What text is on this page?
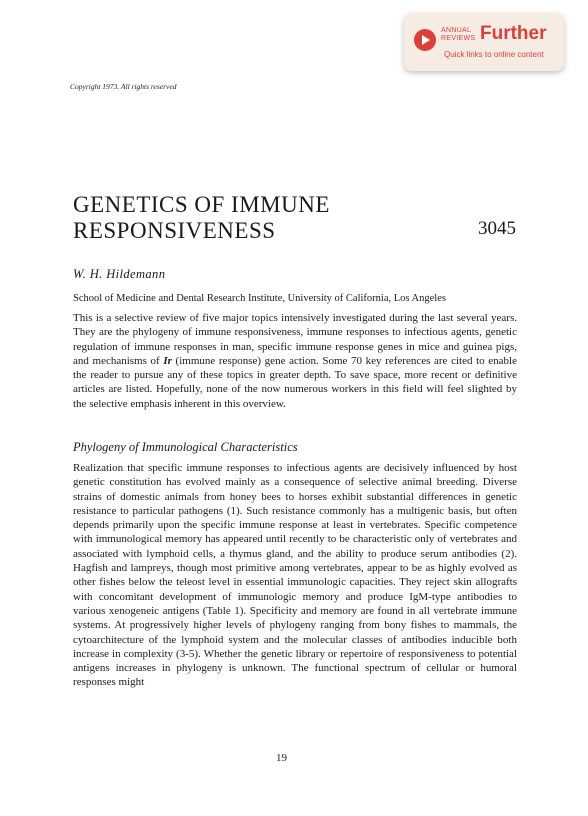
ANNUAL
REVIEWS Further
Quick links to online content
Copyright 1973. All rights reserved
GENETICS OF IMMUNE
RESPONSIVENESS	3045
W. H. Hildemann
School of Medicine and Dental Research Institute, University of California, Los Angeles

This is a selective review of five major topics intensively investigated during the last several years. They are the phylogeny of immune responsiveness, immune responses to infectious agents, genetic regulation of immune responses in man, specific immune response genes in mice and guinea pigs, and mechanisms of Ir (immune response) gene action. Some 70 key references are cited to enable the reader to pursue any of these topics in greater depth. To save space, more recent or definitive articles are listed. Hopefully, none of the now numerous workers in this field will feel slighted by the selective emphasis inherent in this overview.

Phylogeny of Immunological Characteristics

Realization that specific immune responses to infectious agents are decisively influenced by host genetic constitution has evolved mainly as a consequence of selective animal breeding. Diverse strains of domestic animals from honey bees to horses exhibit substantial differences in genetic resistance to particular pathogens (1). Such resistance commonly has a multigenic basis, but often depends primarily upon the specific immune response at least in vertebrates. Specific competence with immunological memory has appeared until recently to be characteristic only of vertebrates and associated with lymphoid cells, a thymus gland, and the ability to produce serum antibodies (2). Hagfish and lampreys, though most primitive among vertebrates, appear to be as highly evolved as other fishes below the teleost level in essential immunologic capacities. They reject skin allografts with concomitant development of immunologic memory and produce IgM-type antibodies to various xenogeneic antigens (Table 1). Specificity and memory are found in all vertebrate immune systems. At progressively higher levels of phylogeny ranging from bony fishes to mammals, the cytoarchitecture of the lymphoid system and the molecular classes of antibodies inducible both increase in complexity (3-5). Whether the genetic library or repertoire of responsiveness to potential antigens increases in phylogeny is unknown. The functional spectrum of cellular or humoral responses might

19
